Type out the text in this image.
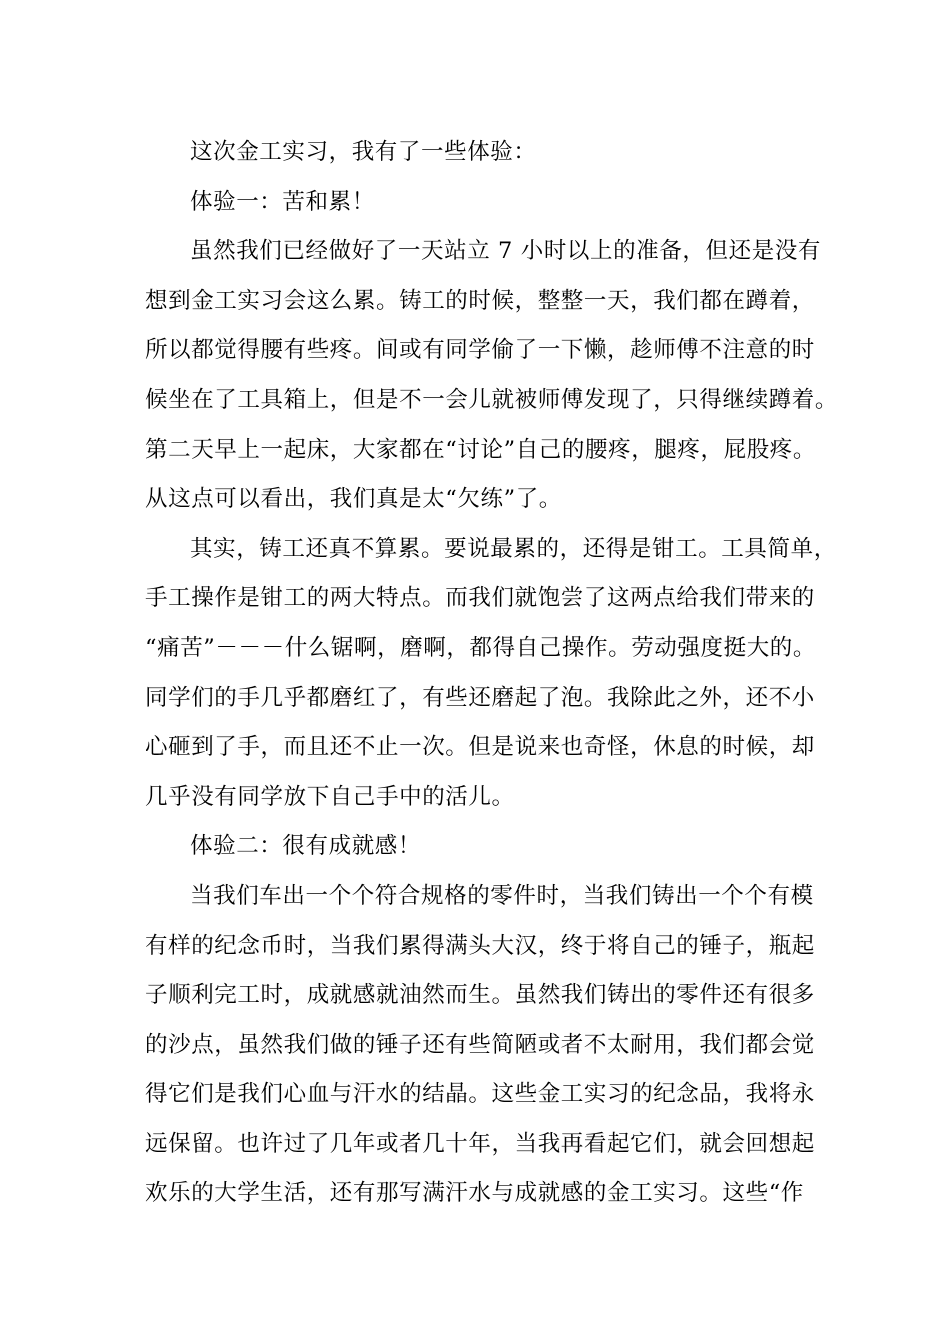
这次金工实习，我有了一些体验：
体验一：苦和累！
虽然我们已经做好了一天站立 7 小时以上的准备，但还是没有
想到金工实习会这么累。铸工的时候，整整一天，我们都在蹲着，
所以都觉得腰有些疼。间或有同学偷了一下懒，趁师傅不注意的时
候坐在了工具箱上，但是不一会儿就被师傅发现了，只得继续蹲着。
第二天早上一起床，大家都在“讨论”自己的腰疼，腿疼，屁股疼。
从这点可以看出，我们真是太“欠练”了。
其实，铸工还真不算累。要说最累的，还得是钳工。工具简单，
手工操作是钳工的两大特点。而我们就饱尝了这两点给我们带来的
“痛苦”－－－什么锯啊，磨啊，都得自己操作。劳动强度挺大的。
同学们的手几乎都磨红了，有些还磨起了泡。我除此之外，还不小
心砸到了手，而且还不止一次。但是说来也奇怪，休息的时候，却
几乎没有同学放下自己手中的活儿。
体验二：很有成就感！
当我们车出一个个符合规格的零件时，当我们铸出一个个有模
有样的纪念币时，当我们累得满头大汉，终于将自己的锤子，瓶起
子顺利完工时，成就感就油然而生。虽然我们铸出的零件还有很多
的沙点，虽然我们做的锤子还有些简陋或者不太耐用，我们都会觉
得它们是我们心血与汗水的结晶。这些金工实习的纪念品，我将永
远保留。也许过了几年或者几十年，当我再看起它们，就会回想起
欢乐的大学生活，还有那写满汗水与成就感的金工实习。这些“作
